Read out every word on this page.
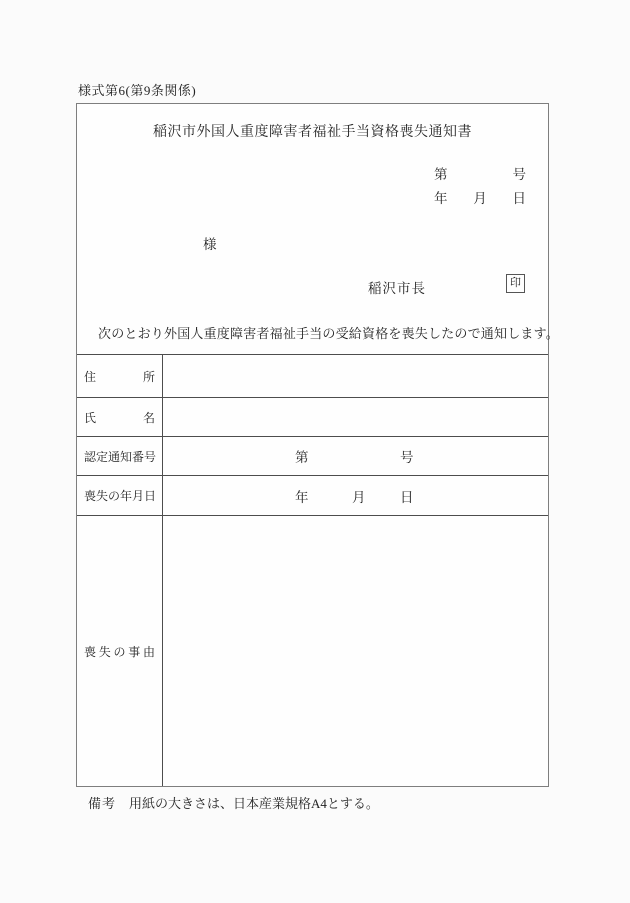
様式第6(第9条関係)
稲沢市外国人重度障害者福祉手当資格喪失通知書
第	号
年 月 日
様
稲沢市長	印
次のとおり外国人重度障害者福祉手当の受給資格を喪失したので通知します。
住　所
氏　名
認定通知番号	第	号
喪失の年月日	年	月	日
喪失の事由
備考 用紙の大きさは、日本産業規格A4とする。
